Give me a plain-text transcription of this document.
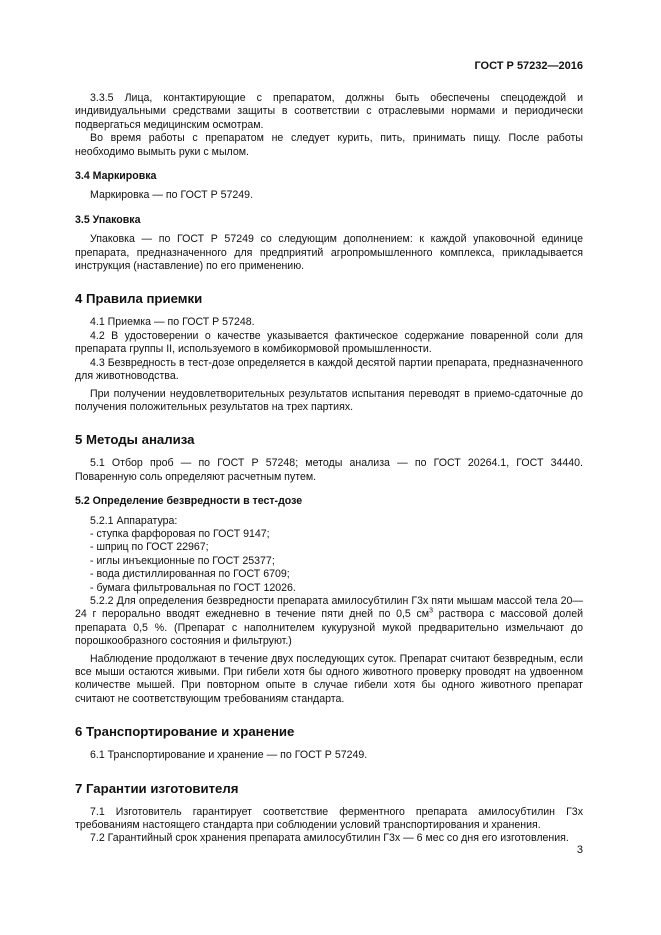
ГОСТ Р 57232—2016

3.3.5 Лица, контактирующие с препаратом, должны быть обеспечены спецодеждой и индивидуальными средствами защиты в соответствии с отраслевыми нормами и периодически подвергаться медицинским осмотрам.

Во время работы с препаратом не следует курить, пить, принимать пищу. После работы необходимо вымыть руки с мылом.

3.4 Маркировка

Маркировка — по ГОСТ Р 57249.

3.5 Упаковка

Упаковка — по ГОСТ Р 57249 со следующим дополнением: к каждой упаковочной единице препарата, предназначенного для предприятий агропромышленного комплекса, прикладывается инструкция (наставление) по его применению.

4 Правила приемки

4.1 Приемка — по ГОСТ Р 57248.

4.2 В удостоверении о качестве указывается фактическое содержание поваренной соли для препарата группы II, используемого в комбикормовой промышленности.

4.3 Безвредность в тест-дозе определяется в каждой десятой партии препарата, предназначенного для животноводства.

При получении неудовлетворительных результатов испытания переводят в приемо-сдаточные до получения положительных результатов на трех партиях.

5 Методы анализа

5.1 Отбор проб — по ГОСТ Р 57248; методы анализа — по ГОСТ 20264.1, ГОСТ 34440. Поваренную соль определяют расчетным путем.

5.2 Определение безвредности в тест-дозе

5.2.1 Аппаратура:

- ступка фарфоровая по ГОСТ 9147;

- шприц по ГОСТ 22967;

- иглы инъекционные по ГОСТ 25377;

- вода дистиллированная по ГОСТ 6709;

- бумага фильтровальная по ГОСТ 12026.

5.2.2 Для определения безвредности препарата амилосубтилин Г3х пяти мышам массой тела 20—24 г перорально вводят ежедневно в течение пяти дней по 0,5 $см^3$ раствора с массовой долей препарата 0,5 %. (Препарат с наполнителем кукурузной мукой предварительно измельчают до порошкообразного состояния и фильтруют.)

Наблюдение продолжают в течение двух последующих суток. Препарат считают безвредным, если все мыши остаются живыми. При гибели хотя бы одного животного проверку проводят на удвоенном количестве мышей. При повторном опыте в случае гибели хотя бы одного животного препарат считают не соответствующим требованиям стандарта.

6 Транспортирование и хранение

6.1 Транспортирование и хранение — по ГОСТ Р 57249.

7 Гарантии изготовителя

7.1 Изготовитель гарантирует соответствие ферментного препарата амилосубтилин Г3х требованиям настоящего стандарта при соблюдении условий транспортирования и хранения.

7.2 Гарантийный срок хранения препарата амилосубтилин Г3х — 6 мес со дня его изготовления.

3
